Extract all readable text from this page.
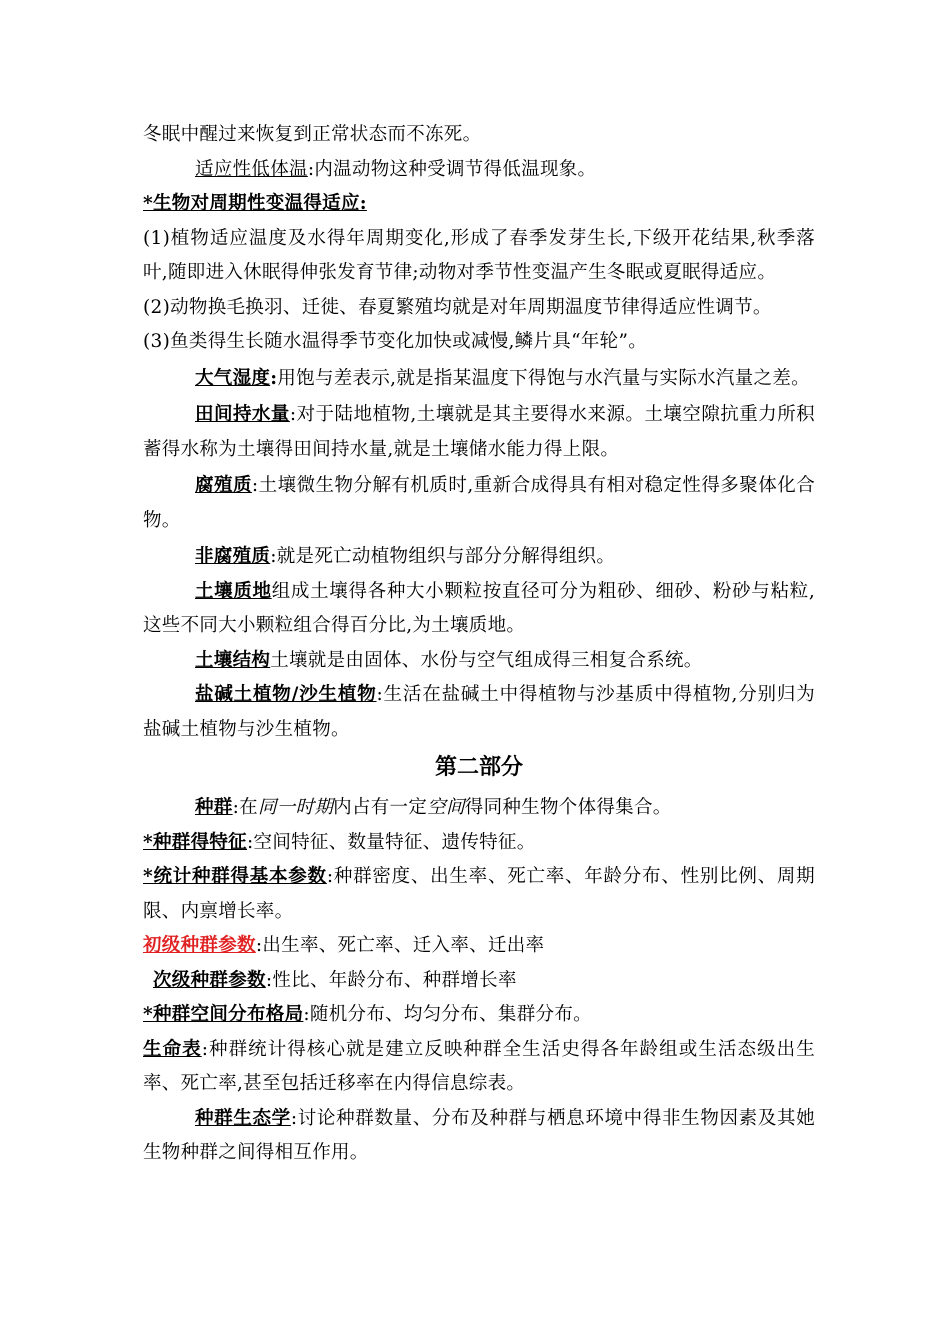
冬眠中醒过来恢复到正常状态而不冻死。

适应性低体温:内温动物这种受调节得低温现象。

*生物对周期性变温得适应:

(1)植物适应温度及水得年周期变化,形成了春季发芽生长,下级开花结果,秋季落叶,随即进入休眠得伸张发育节律;动物对季节性变温产生冬眠或夏眠得适应。

(2)动物换毛换羽、迁徙、春夏繁殖均就是对年周期温度节律得适应性调节。

(3)鱼类得生长随水温得季节变化加快或减慢,鳞片具“年轮”。

大气湿度:用饱与差表示,就是指某温度下得饱与水汽量与实际水汽量之差。

田间持水量:对于陆地植物,土壤就是其主要得水来源。土壤空隙抗重力所积蓄得水称为土壤得田间持水量,就是土壤储水能力得上限。

腐殖质:土壤微生物分解有机质时,重新合成得具有相对稳定性得多聚体化合物。

非腐殖质:就是死亡动植物组织与部分分解得组织。

土壤质地组成土壤得各种大小颗粒按直径可分为粗砂、细砂、粉砂与粘粒,这些不同大小颗粒组合得百分比,为土壤质地。

土壤结构土壤就是由固体、水份与空气组成得三相复合系统。

盐碱土植物/沙生植物:生活在盐碱土中得植物与沙基质中得植物,分别归为盐碱土植物与沙生植物。

第二部分

种群:在同一时期内占有一定空间得同种生物个体得集合。

*种群得特征:空间特征、数量特征、遗传特征。

*统计种群得基本参数:种群密度、出生率、死亡率、年龄分布、性别比例、周期限、内禀增长率。

初级种群参数:出生率、死亡率、迁入率、迁出率

次级种群参数:性比、年龄分布、种群增长率

*种群空间分布格局:随机分布、均匀分布、集群分布。

生命表:种群统计得核心就是建立反映种群全生活史得各年龄组或生活态级出生率、死亡率,甚至包括迁移率在内得信息综表。

种群生态学:讨论种群数量、分布及种群与栖息环境中得非生物因素及其她生物种群之间得相互作用。
